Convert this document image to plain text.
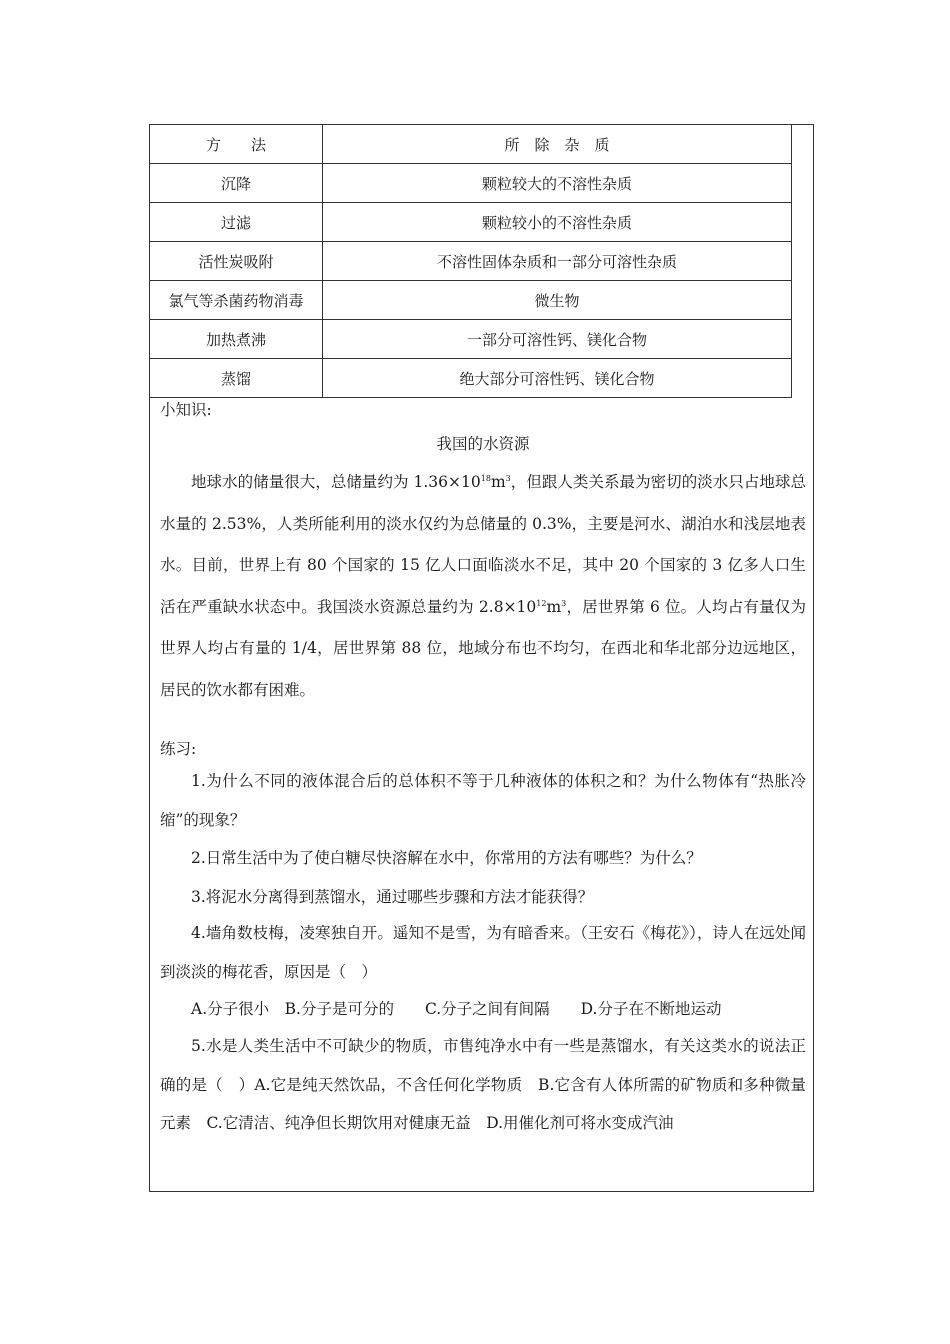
方　　法	所　除　杂　质
沉降	颗粒较大的不溶性杂质
过滤	颗粒较小的不溶性杂质
活性炭吸附	不溶性固体杂质和一部分可溶性杂质
氯气等杀菌药物消毒	微生物
加热煮沸	一部分可溶性钙、镁化合物
蒸馏	绝大部分可溶性钙、镁化合物
小知识:
我国的水资源
地球水的储量很大，总储量约为 $1.36\times 10^{18}m^3$，但跟人类关系最为密切的淡水只占地球总水量的 2.53%，人类所能利用的淡水仅约为总储量的 0.3%，主要是河水、湖泊水和浅层地表水。目前，世界上有 80 个国家的 15 亿人口面临淡水不足，其中 20 个国家的 3 亿多人口生活在严重缺水状态中。我国淡水资源总量约为 $2.8\times 10^{12}m^3$，居世界第 6 位。人均占有量仅为世界人均占有量的 1/4，居世界第 88 位，地域分布也不均匀，在西北和华北部分边远地区，居民的饮水都有困难。
练习:
1.为什么不同的液体混合后的总体积不等于几种液体的体积之和？为什么物体有“热胀冷缩”的现象？
2.日常生活中为了使白糖尽快溶解在水中，你常用的方法有哪些？为什么？
3.将泥水分离得到蒸馏水，通过哪些步骤和方法才能获得？
4.墙角数枝梅，凌寒独自开。遥知不是雪，为有暗香来。（王安石《梅花》），诗人在远处闻到淡淡的梅花香，原因是（　）
A.分子很小　B.分子是可分的　　C.分子之间有间隔　　D.分子在不断地运动
5.水是人类生活中不可缺少的物质，市售纯净水中有一些是蒸馏水，有关这类水的说法正确的是（　）A.它是纯天然饮品，不含任何化学物质　B.它含有人体所需的矿物质和多种微量元素　C.它清洁、纯净但长期饮用对健康无益　D.用催化剂可将水变成汽油
